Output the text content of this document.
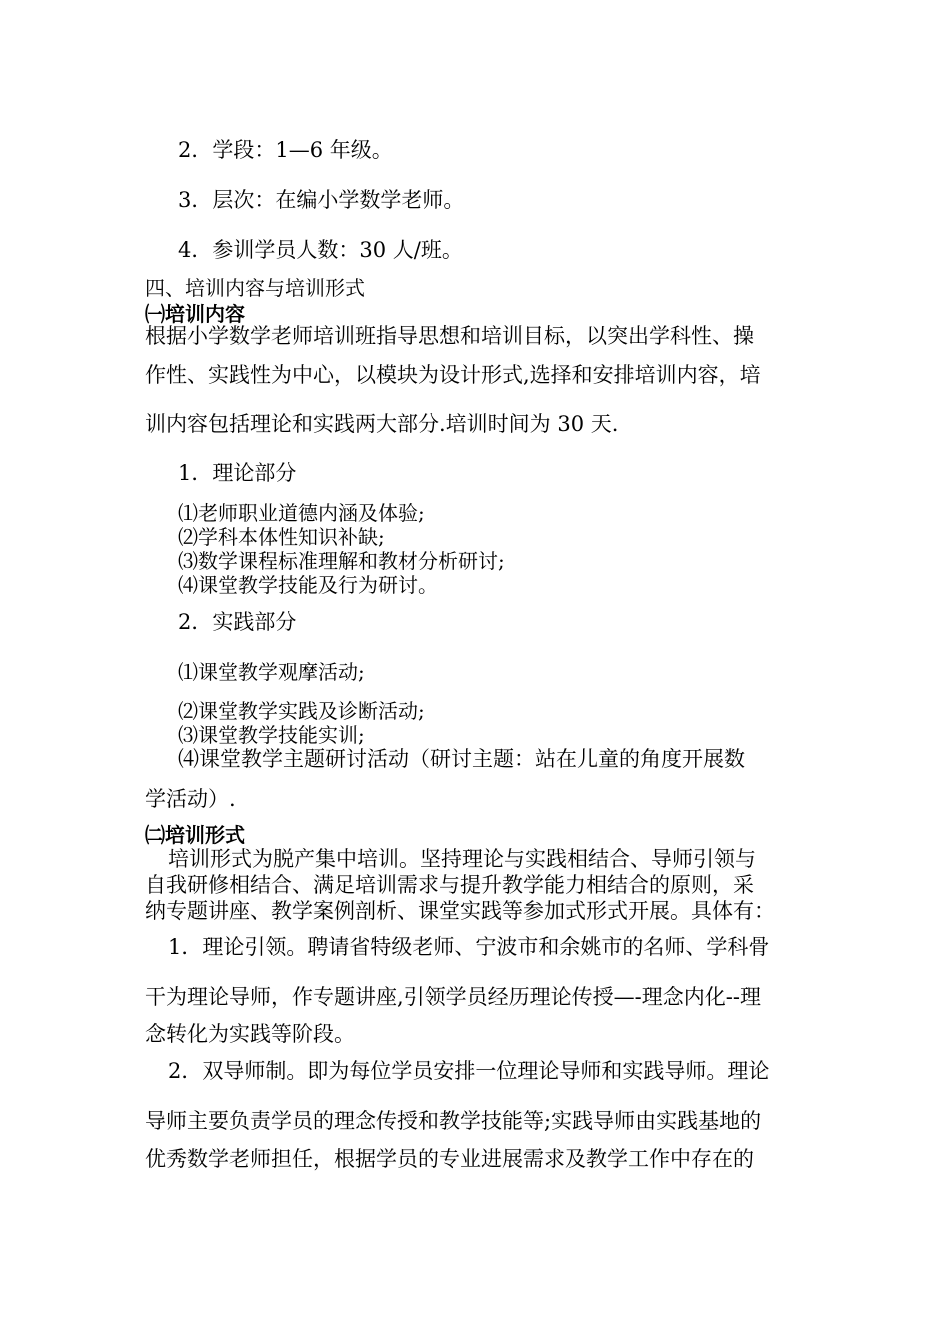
2．学段：1—6 年级。
3．层次：在编小学数学老师。
4．参训学员人数：30 人/班。
四、培训内容与培训形式
㈠培训内容
根据小学数学老师培训班指导思想和培训目标，以突出学科性、操
作性、实践性为中心，以模块为设计形式,选择和安排培训内容，培
训内容包括理论和实践两大部分.培训时间为 30 天.
1．理论部分
⑴老师职业道德内涵及体验;
⑵学科本体性知识补缺;
⑶数学课程标准理解和教材分析研讨;
⑷课堂教学技能及行为研讨。
2．实践部分
⑴课堂教学观摩活动;
⑵课堂教学实践及诊断活动;
⑶课堂教学技能实训;
⑷课堂教学主题研讨活动（研讨主题：站在儿童的角度开展数
学活动）.
㈡培训形式
培训形式为脱产集中培训。坚持理论与实践相结合、导师引领与
自我研修相结合、满足培训需求与提升教学能力相结合的原则，采
纳专题讲座、教学案例剖析、课堂实践等参加式形式开展。具体有：
1．理论引领。聘请省特级老师、宁波市和余姚市的名师、学科骨
干为理论导师，作专题讲座,引领学员经历理论传授—-理念内化--理
念转化为实践等阶段。
2．双导师制。即为每位学员安排一位理论导师和实践导师。理论
导师主要负责学员的理念传授和教学技能等;实践导师由实践基地的
优秀数学老师担任，根据学员的专业进展需求及教学工作中存在的
